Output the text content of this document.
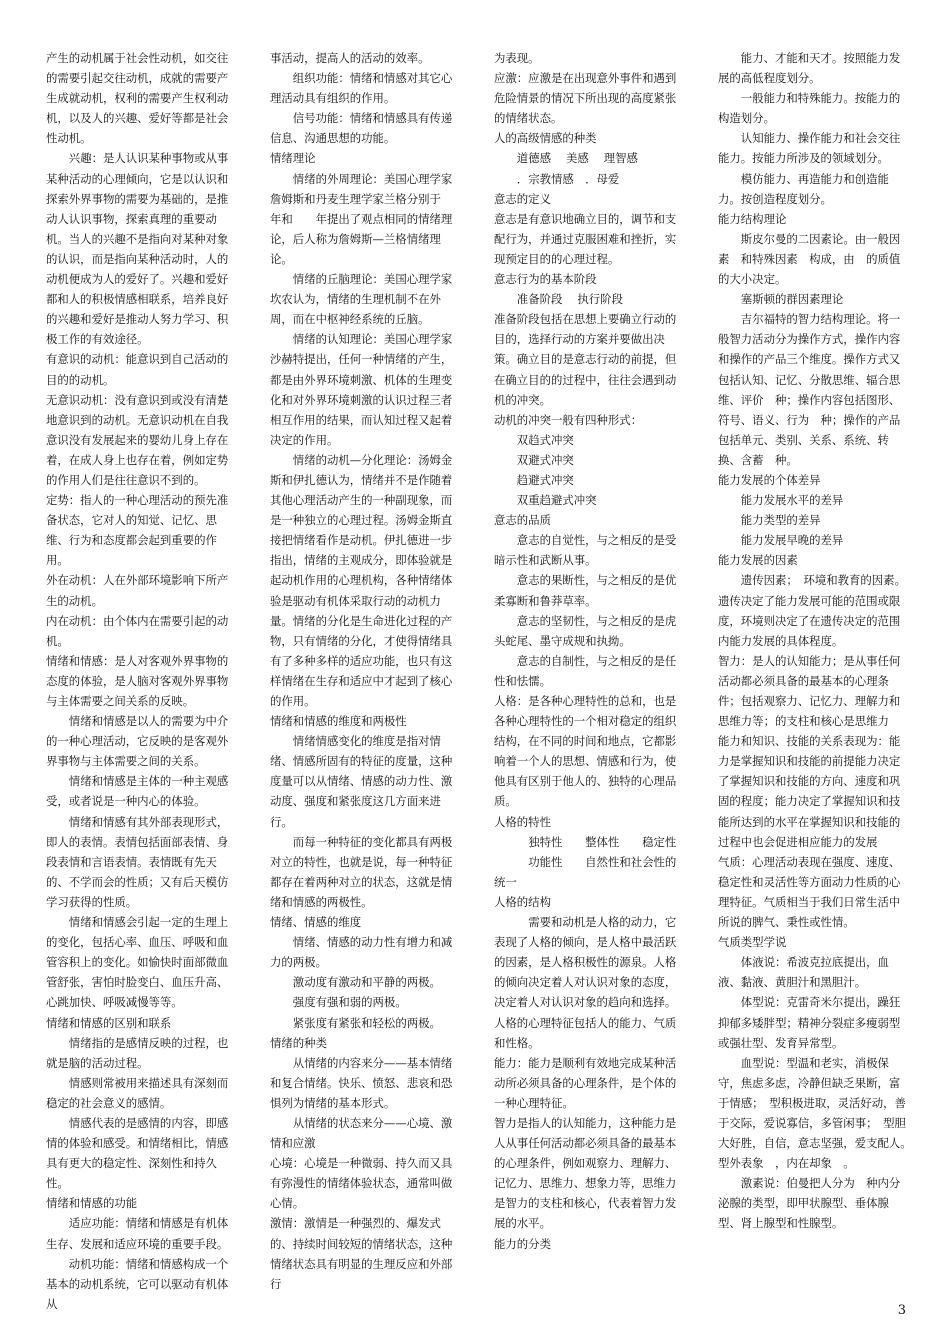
产生的动机属于社会性动机，如交往的需要引起交往动机，成就的需要产生成就动机，权利的需要产生权利动机，以及人的兴趣、爱好等都是社会性动机。

兴趣：是人认识某种事物或从事某种活动的心理倾向，它是以认识和探索外界事物的需要为基础的，是推动人认识事物，探索真理的重要动机。当人的兴趣不是指向对某种对象的认识，而是指向某种活动时，人的动机便成为人的爱好了。兴趣和爱好都和人的积极情感相联系，培养良好的兴趣和爱好是推动人努力学习、积极工作的有效途径。

有意识的动机：能意识到自己活动的目的的动机。

无意识动机：没有意识到或没有清楚地意识到的动机。无意识动机在自我意识没有发展起来的婴幼儿身上存在着，在成人身上也存在着，例如定势的作用人们是往往意识不到的。

定势：指人的一种心理活动的预先准备状态，它对人的知觉、记忆、思维、行为和态度都会起到重要的作用。

外在动机：人在外部环境影响下所产生的动机。

内在动机：由个体内在需要引起的动机。

情绪和情感：是人对客观外界事物的态度的体验，是人脑对客观外界事物与主体需要之间关系的反映。

情绪和情感是以人的需要为中介的一种心理活动，它反映的是客观外界事物与主体需要之间的关系。

情绪和情感是主体的一种主观感受，或者说是一种内心的体验。

情绪和情感有其外部表现形式，即人的表情。表情包括面部表情、身段表情和言语表情。表情既有先天的、不学而会的性质；又有后天模仿学习获得的性质。

情绪和情感会引起一定的生理上的变化，包括心率、血压、呼吸和血管容积上的变化。如愉快时面部微血管舒张，害怕时脸变白、血压升高、心跳加快、呼吸减慢等等。

情绪和情感的区别和联系

情绪指的是感情反映的过程，也就是脑的活动过程。

情感则常被用来描述具有深刻而稳定的社会意义的感情。

情感代表的是感情的内容，即感情的体验和感受。和情绪相比，情感具有更大的稳定性、深刻性和持久性。

情绪和情感的功能

适应功能：情绪和情感是有机体生存、发展和适应环境的重要手段。

动机功能：情绪和情感构成一个基本的动机系统，它可以驱动有机体从

事活动，提高人的活动的效率。

组织功能：情绪和情感对其它心理活动具有组织的作用。

信号功能：情绪和情感具有传递信息、沟通思想的功能。

情绪理论

情绪的外周理论：美国心理学家詹姆斯和丹麦生理学家兰格分别于　　年和　　年提出了观点相同的情绪理论，后人称为詹姆斯—兰格情绪理论。

情绪的丘脑理论：美国心理学家坎农认为，情绪的生理机制不在外周，而在中枢神经系统的丘脑。

情绪的认知理论：美国心理学家沙赫特提出，任何一种情绪的产生，都是由外界环境刺激、机体的生理变化和对外界环境刺激的认识过程三者相互作用的结果，而认知过程又起着决定的作用。

情绪的动机—分化理论：汤姆金斯和伊扎德认为，情绪并不是作随着其他心理活动产生的一种副现象，而是一种独立的心理过程。汤姆金斯直接把情绪看作是动机。伊扎德进一步指出，情绪的主观成分，即体验就是起动机作用的心理机构，各种情绪体验是驱动有机体采取行动的动机力量。情绪的分化是生命进化过程的产物，只有情绪的分化，才使得情绪具有了多种多样的适应功能，也只有这样情绪在生存和适应中才起到了核心的作用。

情绪和情感的维度和两极性

情绪情感变化的维度是指对情绪、情感所固有的特征的度量，这种度量可以从情绪、情感的动力性、激动度、强度和紧张度这几方面来进行。

而每一种特征的变化都具有两极对立的特性，也就是说，每一种特征都存在着两种对立的状态，这就是情绪和情感的两极性。

情绪、情感的维度

情绪、情感的动力性有增力和减力的两极。

激动度有激动和平静的两极。

强度有强和弱的两极。

紧张度有紧张和轻松的两极。

情绪的种类

从情绪的内容来分——基本情绪和复合情绪。快乐、愤怒、悲哀和恐惧列为情绪的基本形式。

从情绪的状态来分——心境、激情和应激

心境：心境是一种微弱、持久而又具有弥漫性的情绪体验状态，通常叫做心情。

激情：激情是一种强烈的、爆发式的、持续时间较短的情绪状态，这种情绪状态具有明显的生理反应和外部行

为表现。

应激：应激是在出现意外事件和遇到危险情景的情况下所出现的高度紧张的情绪状态。

人的高级情感的种类

道德感　 美感　 理智感

．宗教情感　．母爱

意志的定义

意志是有意识地确立目的，调节和支配行为，并通过克服困难和挫折，实现预定目的的心理过程。

意志行为的基本阶段

准备阶段　 执行阶段

准备阶段包括在思想上要确立行动的目的，选择行动的方案并要做出决策。确立目的是意志行动的前提，但在确立目的的过程中，往往会遇到动机的冲突。

动机的冲突一般有四种形式：

双趋式冲突

双避式冲突

趋避式冲突

双重趋避式冲突

意志的品质

意志的自觉性，与之相反的是受暗示性和武断从事。

意志的果断性，与之相反的是优柔寡断和鲁莽草率。

意志的坚韧性，与之相反的是虎头蛇尾、墨守成规和执拗。

意志的自制性，与之相反的是任性和怯懦。

人格：是各种心理特性的总和，也是各种心理特性的一个相对稳定的组织结构，在不同的时间和地点，它都影响着一个人的思想、情感和行为，使他具有区别于他人的、独特的心理品质。

人格的特性

　独特性　　整体性　　稳定性

　功能性　　自然性和社会性的统一

人格的结构

　需要和动机是人格的动力，它表现了人格的倾向，是人格中最活跃的因素，是人格积极性的源泉。人格的倾向决定着人对认识对象的态度，决定着人对认识对象的趋向和选择。

人格的心理特征包括人的能力、气质和性格。

能力：能力是顺利有效地完成某种活动所必须具备的心理条件，是个体的一种心理特征。

智力是指人的认知能力，这种能力是人从事任何活动都必须具备的最基本的心理条件，例如观察力、理解力、记忆力、思维力、想象力等，思维力是智力的支柱和核心，代表着智力发展的水平。

能力的分类

能力、才能和天才。按照能力发展的高低程度划分。

一般能力和特殊能力。按能力的构造划分。

认知能力、操作能力和社会交往能力。按能力所涉及的领域划分。

模仿能力、再造能力和创造能力。按创造程度划分。

能力结构理论

斯皮尔曼的二因素论。由一般因素　和特殊因素　构成，由　的质值的大小决定。

塞斯顿的群因素理论

吉尔福特的智力结构理论。将一般智力活动分为操作方式，操作内容和操作的产品三个维度。操作方式又包括认知、记忆、分散思维、辐合思维、评价　种；操作内容包括图形、符号、语义、行为　种；操作的产品包括单元、类别、关系、系统、转换、含蓄　种。

能力发展的个体差异

能力发展水平的差异

能力类型的差异

能力发展早晚的差异

能力发展的因素

遗传因素；　环境和教育的因素。遗传决定了能力发展可能的范围或限度，环境则决定了在遗传决定的范围内能力发展的具体程度。

智力：是人的认知能力；是从事任何活动都必须具备的最基本的心理条件；包括观察力、记忆力、理解力和思维力等；的支柱和核心是思维力

能力和知识、技能的关系表现为：能力是掌握知识和技能的前提能力决定了掌握知识和技能的方向、速度和巩固的程度；能力决定了掌握知识和技能所达到的水平在掌握知识和技能的过程中也会促进相应能力的发展

气质：心理活动表现在强度、速度、稳定性和灵活性等方面动力性质的心理特征。气质相当于我们日常生活中所说的脾气、秉性或性情。

气质类型学说

体液说：希波克拉底提出，血液、黏液、黄胆汁和黑胆汁。

体型说：克雷奇米尔提出，躁狂抑郁多矮胖型；精神分裂症多瘦弱型或强壮型、发育异常型。

血型说：型温和老实，消极保守，焦虑多虑，冷静但缺乏果断，富于情感；　型积极进取，灵活好动，善于交际，爱说寡信，多管闲事；　型胆大好胜，自信，意志坚强，爱支配人。　型外表象　，内在却象　。

激素说：伯曼把人分为　种内分泌腺的类型，即甲状腺型、垂体腺型、肾上腺型和性腺型。

3
